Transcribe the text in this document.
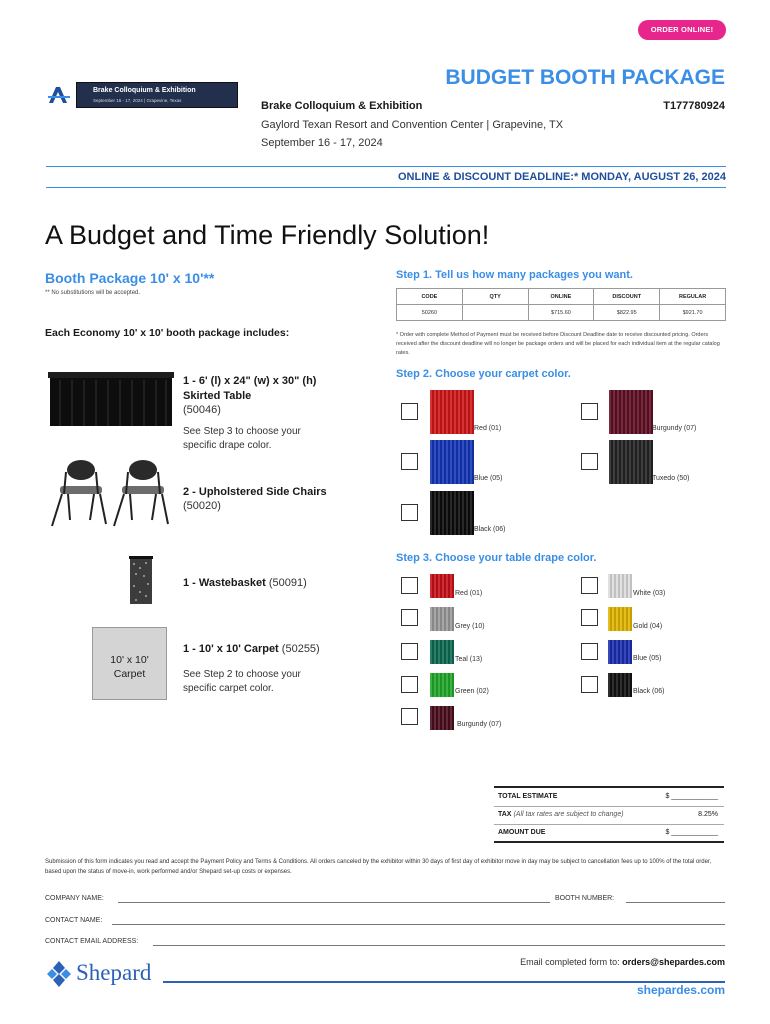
ORDER ONLINE!
Brake Colloquium & Exhibition
September 16 - 17, 2024 | Grapevine, Texas
BUDGET BOOTH PACKAGE
Brake Colloquium & Exhibition	T177780924
Gaylord Texan Resort and Convention Center | Grapevine, TX
September 16 - 17, 2024
ONLINE & DISCOUNT DEADLINE:* MONDAY, AUGUST 26, 2024
A Budget and Time Friendly Solution!
Booth Package 10' x 10'**
** No substitutions will be accepted.
Each Economy 10' x 10' booth package includes:
1 - 6' (l) x 24" (w) x 30" (h)
Skirted Table
(50046)
See Step 3 to choose your
specific drape color.
2 - Upholstered Side Chairs
(50020)
1 - Wastebasket (50091)
10' x 10'
Carpet
1 - 10' x 10' Carpet (50255)
See Step 2 to choose your
specific carpet color.
Step 1. Tell us how many packages you want.
CODE	QTY	ONLINE	DISCOUNT	REGULAR
50260		$715.60	$822.95	$921.70
* Order with complete Method of Payment must be received before Discount Deadline date to receive discounted pricing. Orders received after the discount deadline will no longer be package orders and will be placed for each individual item at the regular catalog rates.
Step 2. Choose your carpet color.
Red (01)	Burgundy (07)
Blue (05)	Tuxedo (50)
Black (06)
Step 3. Choose your table drape color.
Red (01)	White (03)
Grey (10)	Gold (04)
Teal (13)	Blue (05)
Green (02)	Black (06)
Burgundy (07)
TOTAL ESTIMATE	$ ____________
TAX (All tax rates are subject to change)	8.25%
AMOUNT DUE	$ ____________
Submission of this form indicates you read and accept the Payment Policy and Terms & Conditions. All orders canceled by the exhibitor within 30 days of first day of exhibitor move in day may be subject to cancellation fees up to 100% of the total order, based upon the status of move-in, work performed and/or Shepard set-up costs or expenses.
COMPANY NAME:	BOOTH NUMBER:
CONTACT NAME:
CONTACT EMAIL ADDRESS:
Shepard	Email completed form to: orders@shepardes.com
shepardes.com
